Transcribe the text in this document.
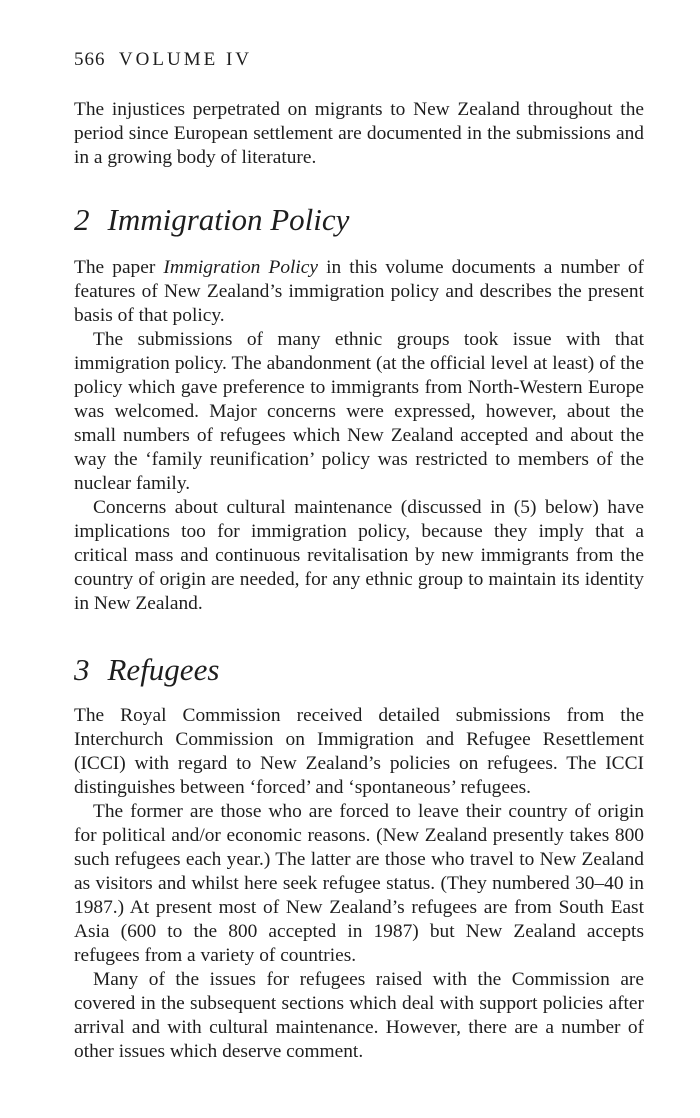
566 VOLUME IV

The injustices perpetrated on migrants to New Zealand throughout the period since European settlement are documented in the submissions and in a growing body of literature.

2 Immigration Policy

The paper Immigration Policy in this volume documents a number of features of New Zealand’s immigration policy and describes the present basis of that policy.

The submissions of many ethnic groups took issue with that immigration policy. The abandonment (at the official level at least) of the policy which gave preference to immigrants from North-Western Europe was welcomed. Major concerns were expressed, however, about the small numbers of refugees which New Zealand accepted and about the way the ‘family reunification’ policy was restricted to members of the nuclear family.

Concerns about cultural maintenance (discussed in (5) below) have implications too for immigration policy, because they imply that a critical mass and continuous revitalisation by new immigrants from the country of origin are needed, for any ethnic group to maintain its identity in New Zealand.

3 Refugees

The Royal Commission received detailed submissions from the Interchurch Commission on Immigration and Refugee Resettlement (ICCI) with regard to New Zealand’s policies on refugees. The ICCI distinguishes between ‘forced’ and ‘spontaneous’ refugees.

The former are those who are forced to leave their country of origin for political and/or economic reasons. (New Zealand presently takes 800 such refugees each year.) The latter are those who travel to New Zealand as visitors and whilst here seek refugee status. (They numbered 30–40 in 1987.) At present most of New Zealand’s refugees are from South East Asia (600 to the 800 accepted in 1987) but New Zealand accepts refugees from a variety of countries.

Many of the issues for refugees raised with the Commission are covered in the subsequent sections which deal with support policies after arrival and with cultural maintenance. However, there are a number of other issues which deserve comment.
